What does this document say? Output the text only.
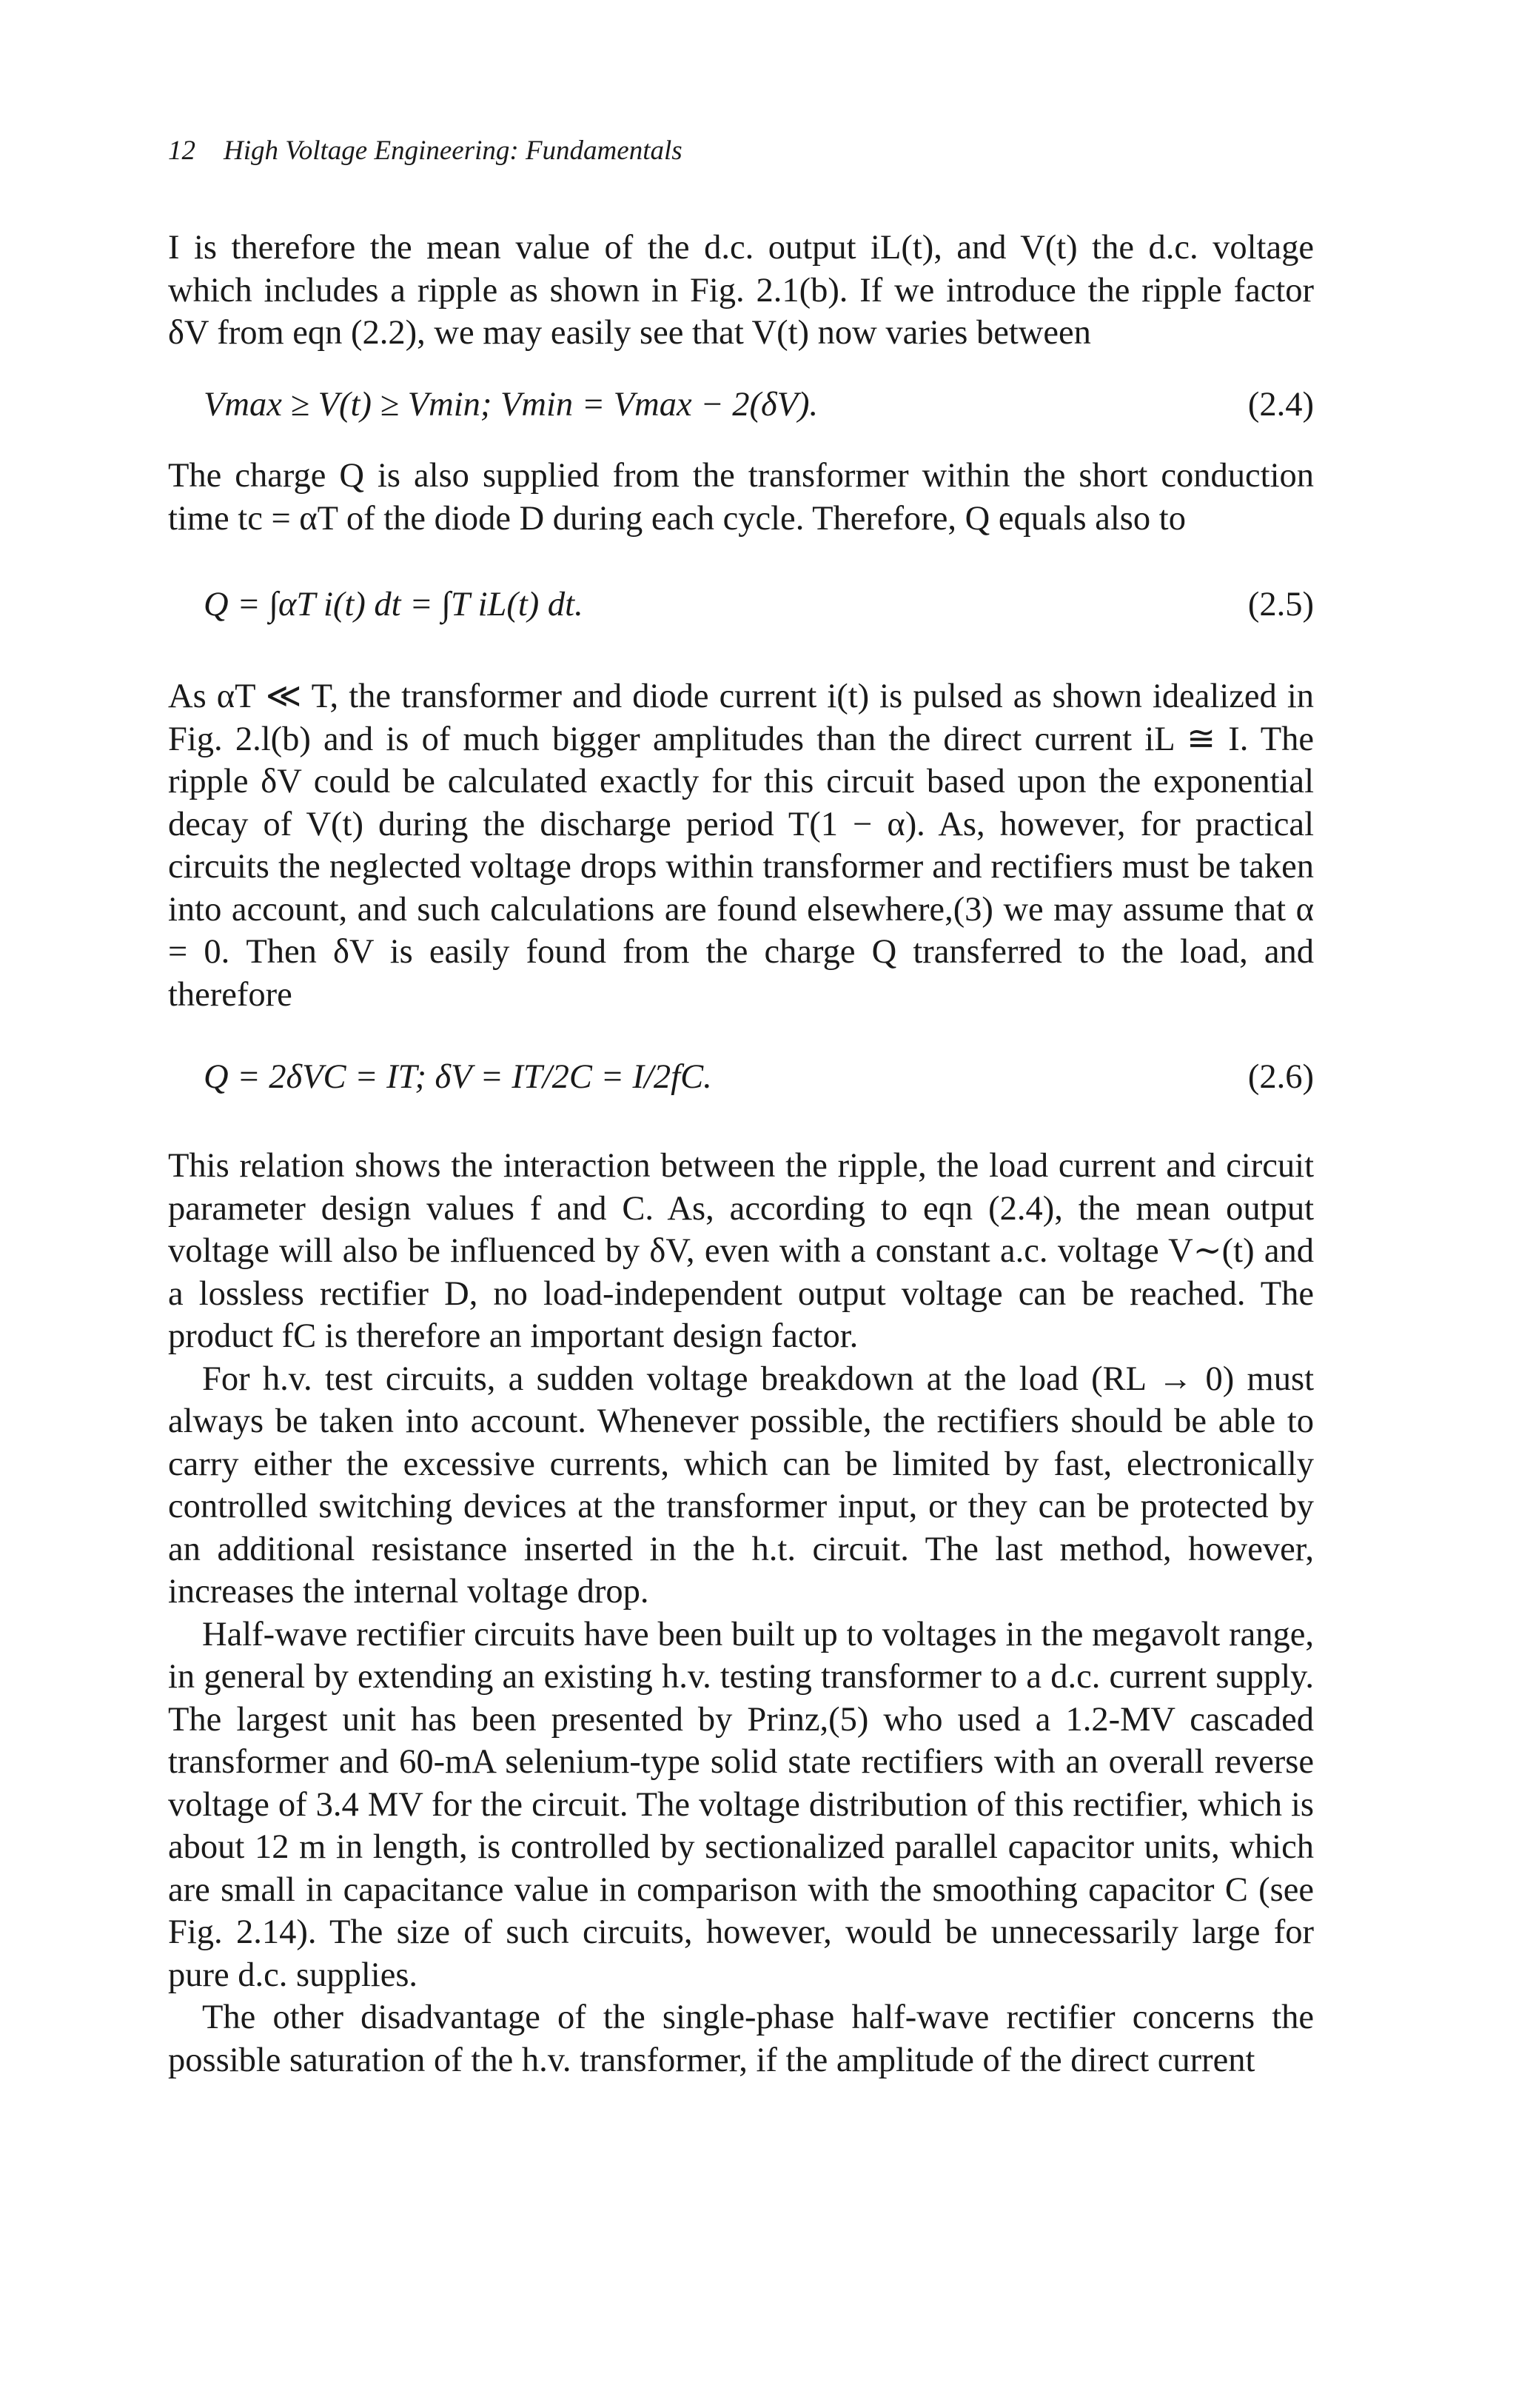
12 High Voltage Engineering: Fundamentals

I is therefore the mean value of the d.c. output iL(t), and V(t) the d.c. voltage which includes a ripple as shown in Fig. 2.1(b). If we introduce the ripple factor δV from eqn (2.2), we may easily see that V(t) now varies between

Vmax ≥ V(t) ≥ Vmin; Vmin = Vmax − 2(δV).	(2.4)

The charge Q is also supplied from the transformer within the short conduction time tc = αT of the diode D during each cycle. Therefore, Q equals also to

Q = ∫αT i(t) dt = ∫T iL(t) dt.	(2.5)

As αT ≪ T, the transformer and diode current i(t) is pulsed as shown idealized in Fig. 2.l(b) and is of much bigger amplitudes than the direct current iL ≅ I. The ripple δV could be calculated exactly for this circuit based upon the exponential decay of V(t) during the discharge period T(1 − α). As, however, for practical circuits the neglected voltage drops within transformer and rectifiers must be taken into account, and such calculations are found elsewhere,(3) we may assume that α = 0. Then δV is easily found from the charge Q transferred to the load, and therefore

Q = 2δVC = IT; δV = IT/2C = I/2fC.	(2.6)

This relation shows the interaction between the ripple, the load current and circuit parameter design values f and C. As, according to eqn (2.4), the mean output voltage will also be influenced by δV, even with a constant a.c. voltage V∼(t) and a lossless rectifier D, no load-independent output voltage can be reached. The product fC is therefore an important design factor.

For h.v. test circuits, a sudden voltage breakdown at the load (RL → 0) must always be taken into account. Whenever possible, the rectifiers should be able to carry either the excessive currents, which can be limited by fast, electronically controlled switching devices at the transformer input, or they can be protected by an additional resistance inserted in the h.t. circuit. The last method, however, increases the internal voltage drop.

Half-wave rectifier circuits have been built up to voltages in the megavolt range, in general by extending an existing h.v. testing transformer to a d.c. current supply. The largest unit has been presented by Prinz,(5) who used a 1.2-MV cascaded transformer and 60-mA selenium-type solid state rectifiers with an overall reverse voltage of 3.4 MV for the circuit. The voltage distribution of this rectifier, which is about 12 m in length, is controlled by sectionalized parallel capacitor units, which are small in capacitance value in comparison with the smoothing capacitor C (see Fig. 2.14). The size of such circuits, however, would be unnecessarily large for pure d.c. supplies.

The other disadvantage of the single-phase half-wave rectifier concerns the possible saturation of the h.v. transformer, if the amplitude of the direct current
